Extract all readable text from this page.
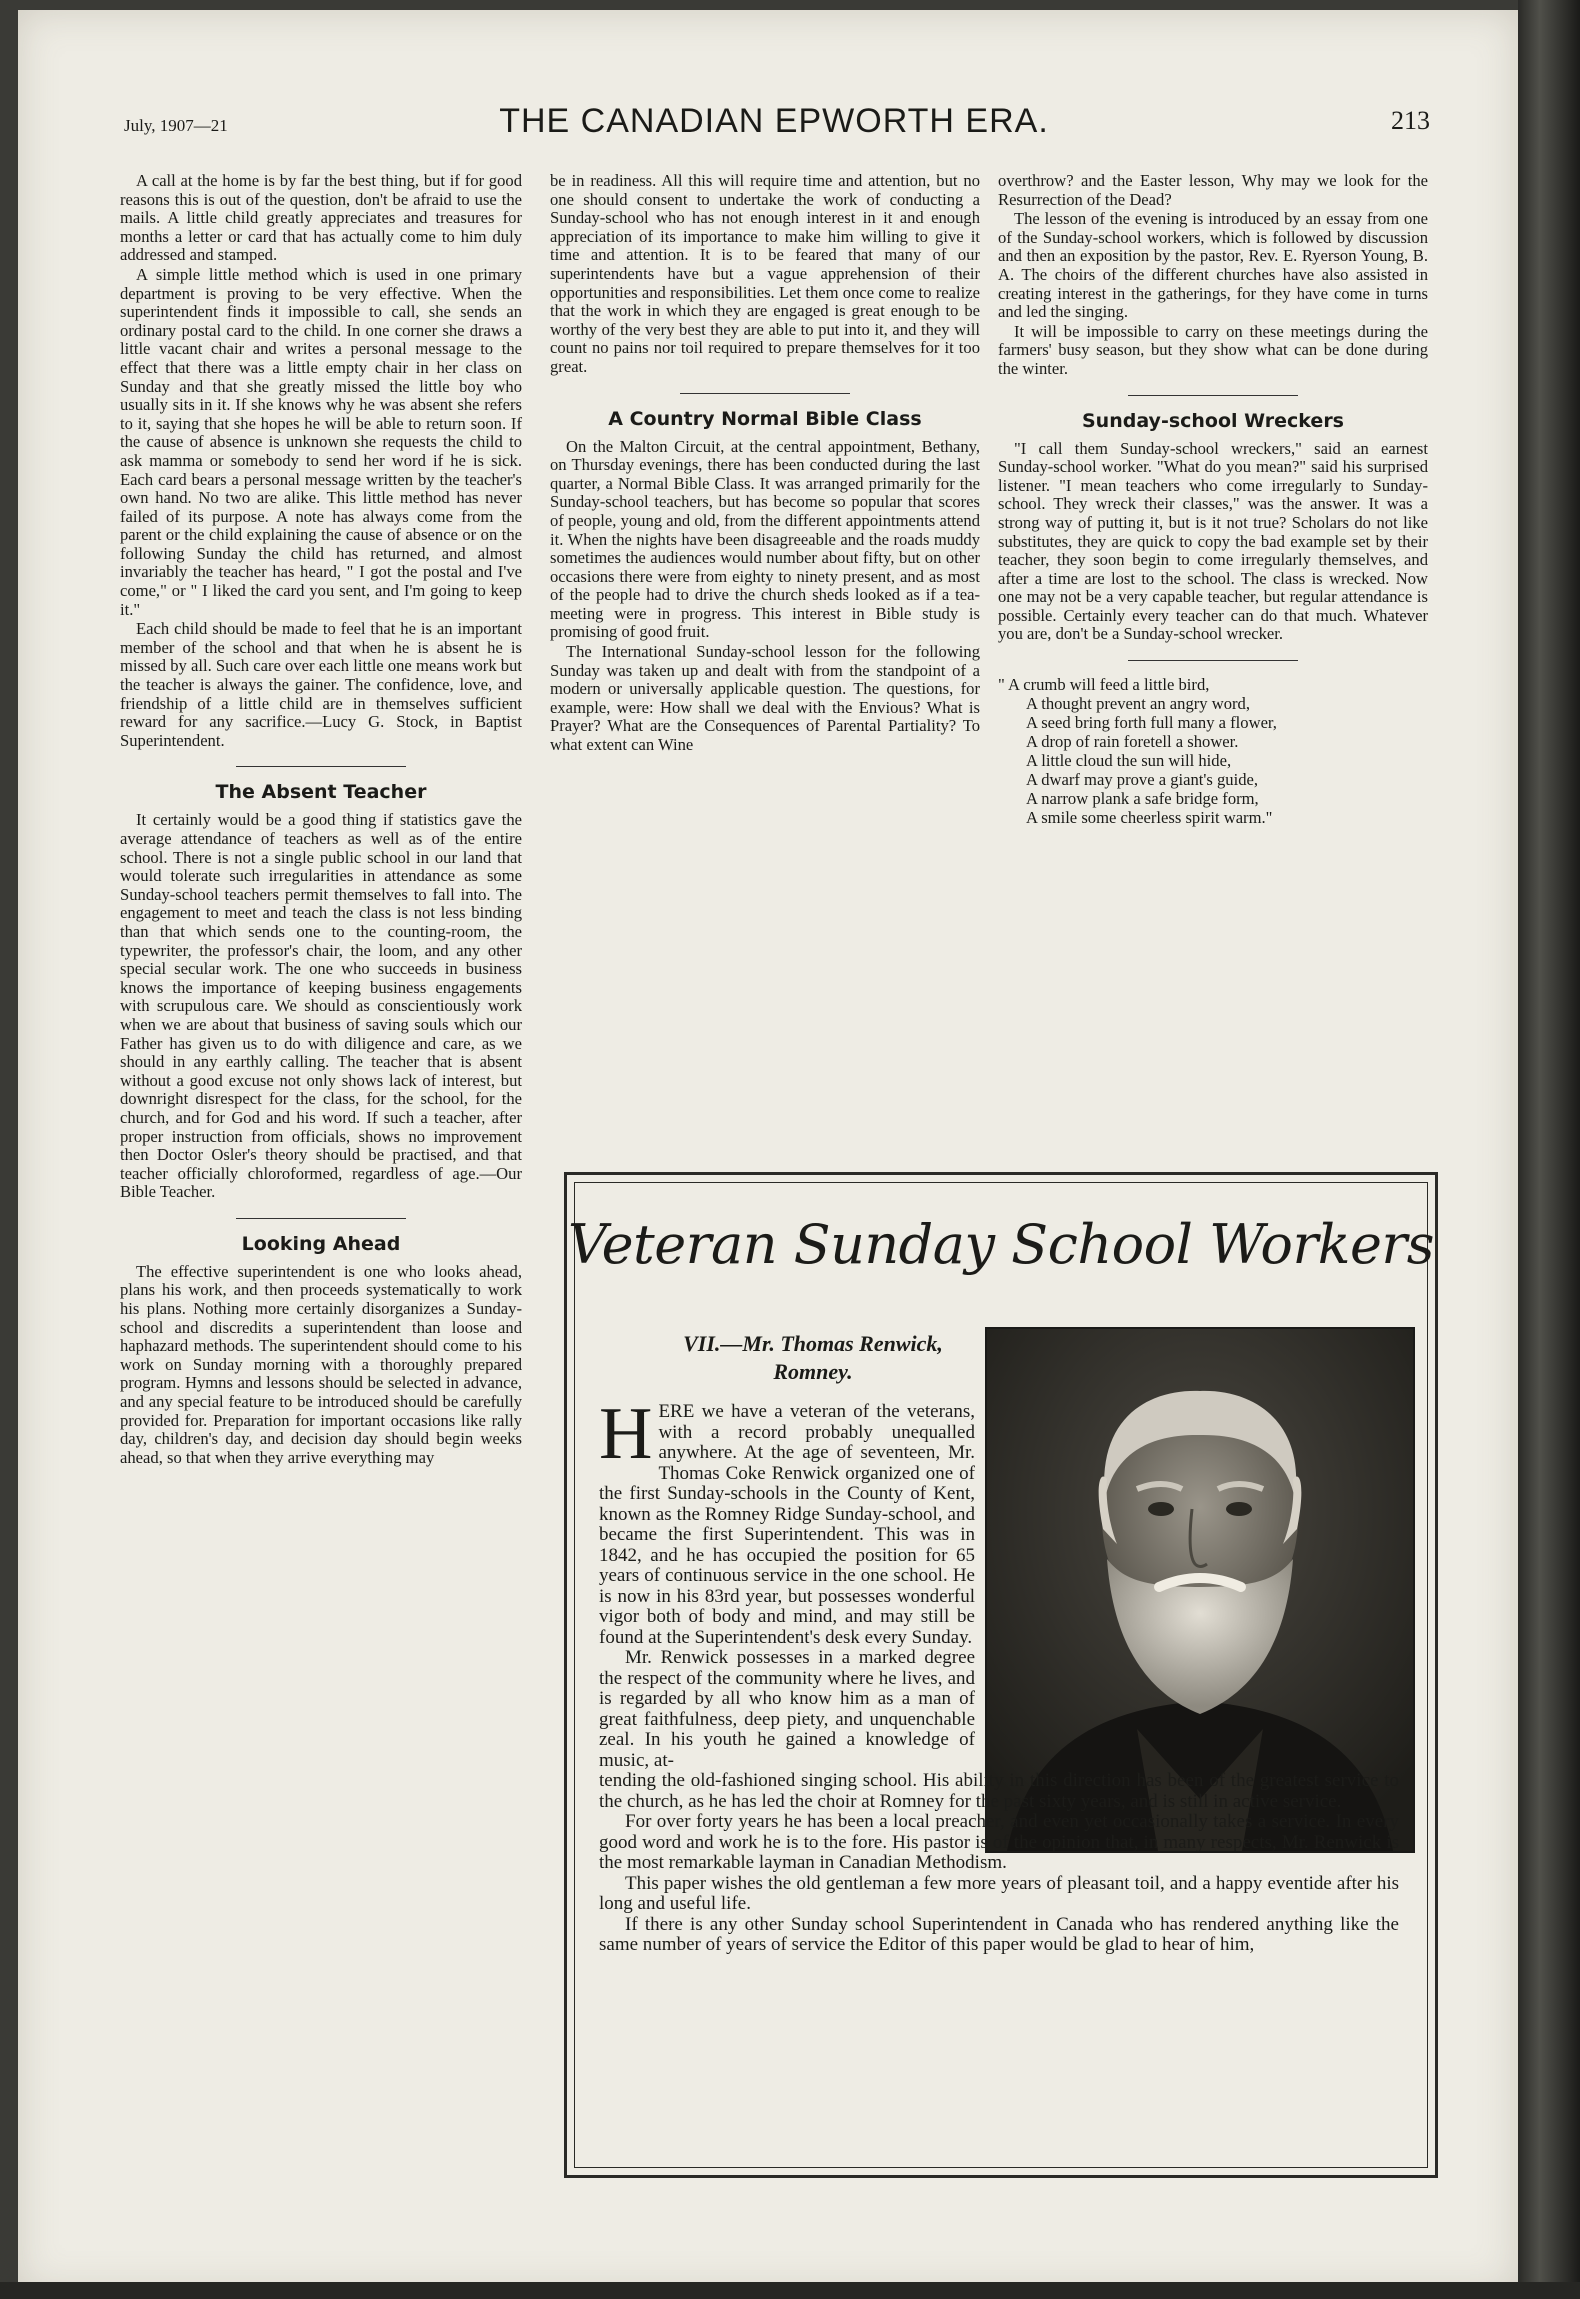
July, 1907—21	THE CANADIAN EPWORTH ERA.	213

A call at the home is by far the best thing, but if for good reasons this is out of the question, don't be afraid to use the mails. A little child greatly appreciates and treasures for months a letter or card that has actually come to him duly addressed and stamped.

A simple little method which is used in one primary department is proving to be very effective. When the superintendent finds it impossible to call, she sends an ordinary postal card to the child. In one corner she draws a little vacant chair and writes a personal message to the effect that there was a little empty chair in her class on Sunday and that she greatly missed the little boy who usually sits in it. If she knows why he was absent she refers to it, saying that she hopes he will be able to return soon. If the cause of absence is unknown she requests the child to ask mamma or somebody to send her word if he is sick. Each card bears a personal message written by the teacher's own hand. No two are alike. This little method has never failed of its purpose. A note has always come from the parent or the child explaining the cause of absence or on the following Sunday the child has returned, and almost invariably the teacher has heard, " I got the postal and I've come," or " I liked the card you sent, and I'm going to keep it."

Each child should be made to feel that he is an important member of the school and that when he is absent he is missed by all. Such care over each little one means work but the teacher is always the gainer. The confidence, love, and friendship of a little child are in themselves sufficient reward for any sacrifice.—Lucy G. Stock, in Baptist Superintendent.

The Absent Teacher

It certainly would be a good thing if statistics gave the average attendance of teachers as well as of the entire school. There is not a single public school in our land that would tolerate such irregularities in attendance as some Sunday-school teachers permit themselves to fall into. The engagement to meet and teach the class is not less binding than that which sends one to the counting-room, the typewriter, the professor's chair, the loom, and any other special secular work. The one who succeeds in business knows the importance of keeping business engagements with scrupulous care. We should as conscientiously work when we are about that business of saving souls which our Father has given us to do with diligence and care, as we should in any earthly calling. The teacher that is absent without a good excuse not only shows lack of interest, but downright disrespect for the class, for the school, for the church, and for God and his word. If such a teacher, after proper instruction from officials, shows no improvement then Doctor Osler's theory should be practised, and that teacher officially chloroformed, regardless of age.—Our Bible Teacher.

Looking Ahead

The effective superintendent is one who looks ahead, plans his work, and then proceeds systematically to work his plans. Nothing more certainly disorganizes a Sunday-school and discredits a superintendent than loose and haphazard methods. The superintendent should come to his work on Sunday morning with a thoroughly prepared program. Hymns and lessons should be selected in advance, and any special feature to be introduced should be carefully provided for. Preparation for important occasions like rally day, children's day, and decision day should begin weeks ahead, so that when they arrive everything may

be in readiness. All this will require time and attention, but no one should consent to undertake the work of conducting a Sunday-school who has not enough interest in it and enough appreciation of its importance to make him willing to give it time and attention. It is to be feared that many of our superintendents have but a vague apprehension of their opportunities and responsibilities. Let them once come to realize that the work in which they are engaged is great enough to be worthy of the very best they are able to put into it, and they will count no pains nor toil required to prepare themselves for it too great.

A Country Normal Bible Class

On the Malton Circuit, at the central appointment, Bethany, on Thursday evenings, there has been conducted during the last quarter, a Normal Bible Class. It was arranged primarily for the Sunday-school teachers, but has become so popular that scores of people, young and old, from the different appointments attend it. When the nights have been disagreeable and the roads muddy sometimes the audiences would number about fifty, but on other occasions there were from eighty to ninety present, and as most of the people had to drive the church sheds looked as if a tea-meeting were in progress. This interest in Bible study is promising of good fruit.

The International Sunday-school lesson for the following Sunday was taken up and dealt with from the standpoint of a modern or universally applicable question. The questions, for example, were: How shall we deal with the Envious? What is Prayer? What are the Consequences of Parental Partiality? To what extent can Wine

overthrow? and the Easter lesson, Why may we look for the Resurrection of the Dead?

The lesson of the evening is introduced by an essay from one of the Sunday-school workers, which is followed by discussion and then an exposition by the pastor, Rev. E. Ryerson Young, B. A. The choirs of the different churches have also assisted in creating interest in the gatherings, for they have come in turns and led the singing.

It will be impossible to carry on these meetings during the farmers' busy season, but they show what can be done during the winter.

Sunday-school Wreckers

"I call them Sunday-school wreckers," said an earnest Sunday-school worker. "What do you mean?" said his surprised listener. "I mean teachers who come irregularly to Sunday-school. They wreck their classes," was the answer. It was a strong way of putting it, but is it not true? Scholars do not like substitutes, they are quick to copy the bad example set by their teacher, they soon begin to come irregularly themselves, and after a time are lost to the school. The class is wrecked. Now one may not be a very capable teacher, but regular attendance is possible. Certainly every teacher can do that much. Whatever you are, don't be a Sunday-school wrecker.

" A crumb will feed a little bird,
A thought prevent an angry word,
A seed bring forth full many a flower,
A drop of rain foretell a shower.
A little cloud the sun will hide,
A dwarf may prove a giant's guide,
A narrow plank a safe bridge form,
A smile some cheerless spirit warm."
Veteran Sunday School Workers
VII.—Mr. Thomas Renwick,
Romney.

HERE we have a veteran of the veterans, with a record probably unequalled anywhere. At the age of seventeen, Mr. Thomas Coke Renwick organized one of the first Sunday-schools in the County of Kent, known as the Romney Ridge Sunday-school, and became the first Superintendent. This was in 1842, and he has occupied the position for 65 years of continuous service in the one school. He is now in his 83rd year, but possesses wonderful vigor both of body and mind, and may still be found at the Superintendent's desk every Sunday.

Mr. Renwick possesses in a marked degree the respect of the community where he lives, and is regarded by all who know him as a man of great faithfulness, deep piety, and unquenchable zeal. In his youth he gained a knowledge of music, at-

tending the old-fashioned singing school. His ability in this direction has been of the greatest service to the church, as he has led the choir at Romney for the past sixty years, and is still in active service.

For over forty years he has been a local preacher, and even yet occasionally takes a service. In every good word and work he is to the fore. His pastor is of the opinion that, in many respects, Mr. Renwick is the most remarkable layman in Canadian Methodism.

This paper wishes the old gentleman a few more years of pleasant toil, and a happy eventide after his long and useful life.

If there is any other Sunday school Superintendent in Canada who has rendered anything like the same number of years of service the Editor of this paper would be glad to hear of him,
